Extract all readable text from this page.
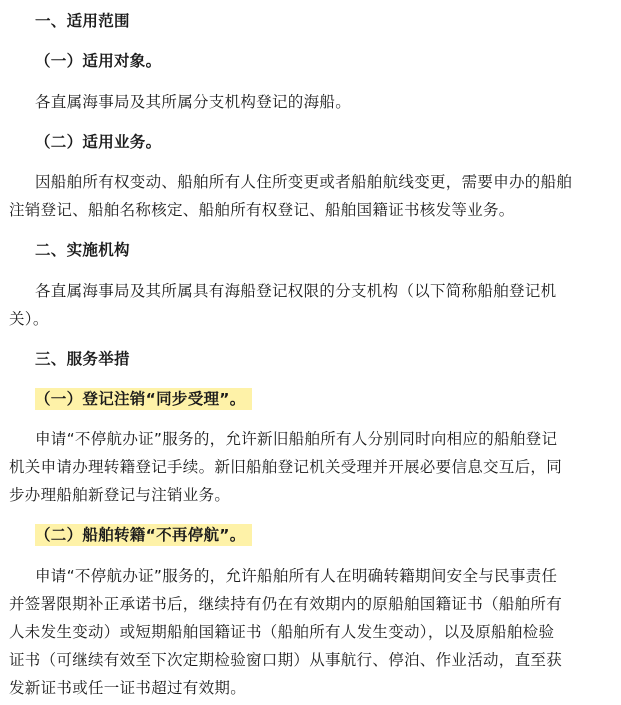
一、适用范围
（一）适用对象。
各直属海事局及其所属分支机构登记的海船。
（二）适用业务。
因船舶所有权变动、船舶所有人住所变更或者船舶航线变更，需要申办的船舶
注销登记、船舶名称核定、船舶所有权登记、船舶国籍证书核发等业务。
二、实施机构
各直属海事局及其所属具有海船登记权限的分支机构（以下简称船舶登记机
关）。
三、服务举措
（一）登记注销“同步受理”。
申请“不停航办证”服务的，允许新旧船舶所有人分别同时向相应的船舶登记
机关申请办理转籍登记手续。新旧船舶登记机关受理并开展必要信息交互后，同
步办理船舶新登记与注销业务。
（二）船舶转籍“不再停航”。
申请“不停航办证”服务的，允许船舶所有人在明确转籍期间安全与民事责任
并签署限期补正承诺书后，继续持有仍在有效期内的原船舶国籍证书（船舶所有
人未发生变动）或短期船舶国籍证书（船舶所有人发生变动），以及原船舶检验
证书（可继续有效至下次定期检验窗口期）从事航行、停泊、作业活动，直至获
发新证书或任一证书超过有效期。
